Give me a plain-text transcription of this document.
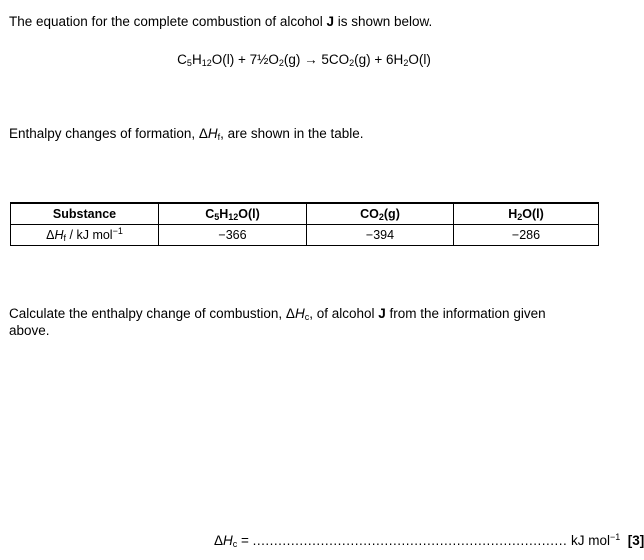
The equation for the complete combustion of alcohol J is shown below.
$C_5H_{12}O(l)$ + $7\frac{1}{2}O_2(g) \to 5CO_2(g) + 6H_2O(l)$
Enthalpy changes of formation, $\Delta H_f$, are shown in the table.
Substance	$C_5H_{12}O(l)$	$CO_2(g)$	$H_2O(l)$
$\Delta H_f$ / kJ mol$^{-1}$	−366	−394	−286
Calculate the enthalpy change of combustion, $\Delta H_c$, of alcohol J from the information given above.
$\Delta H_c$ = .......................................................................... kJ mol$^{-1}$ [3]
